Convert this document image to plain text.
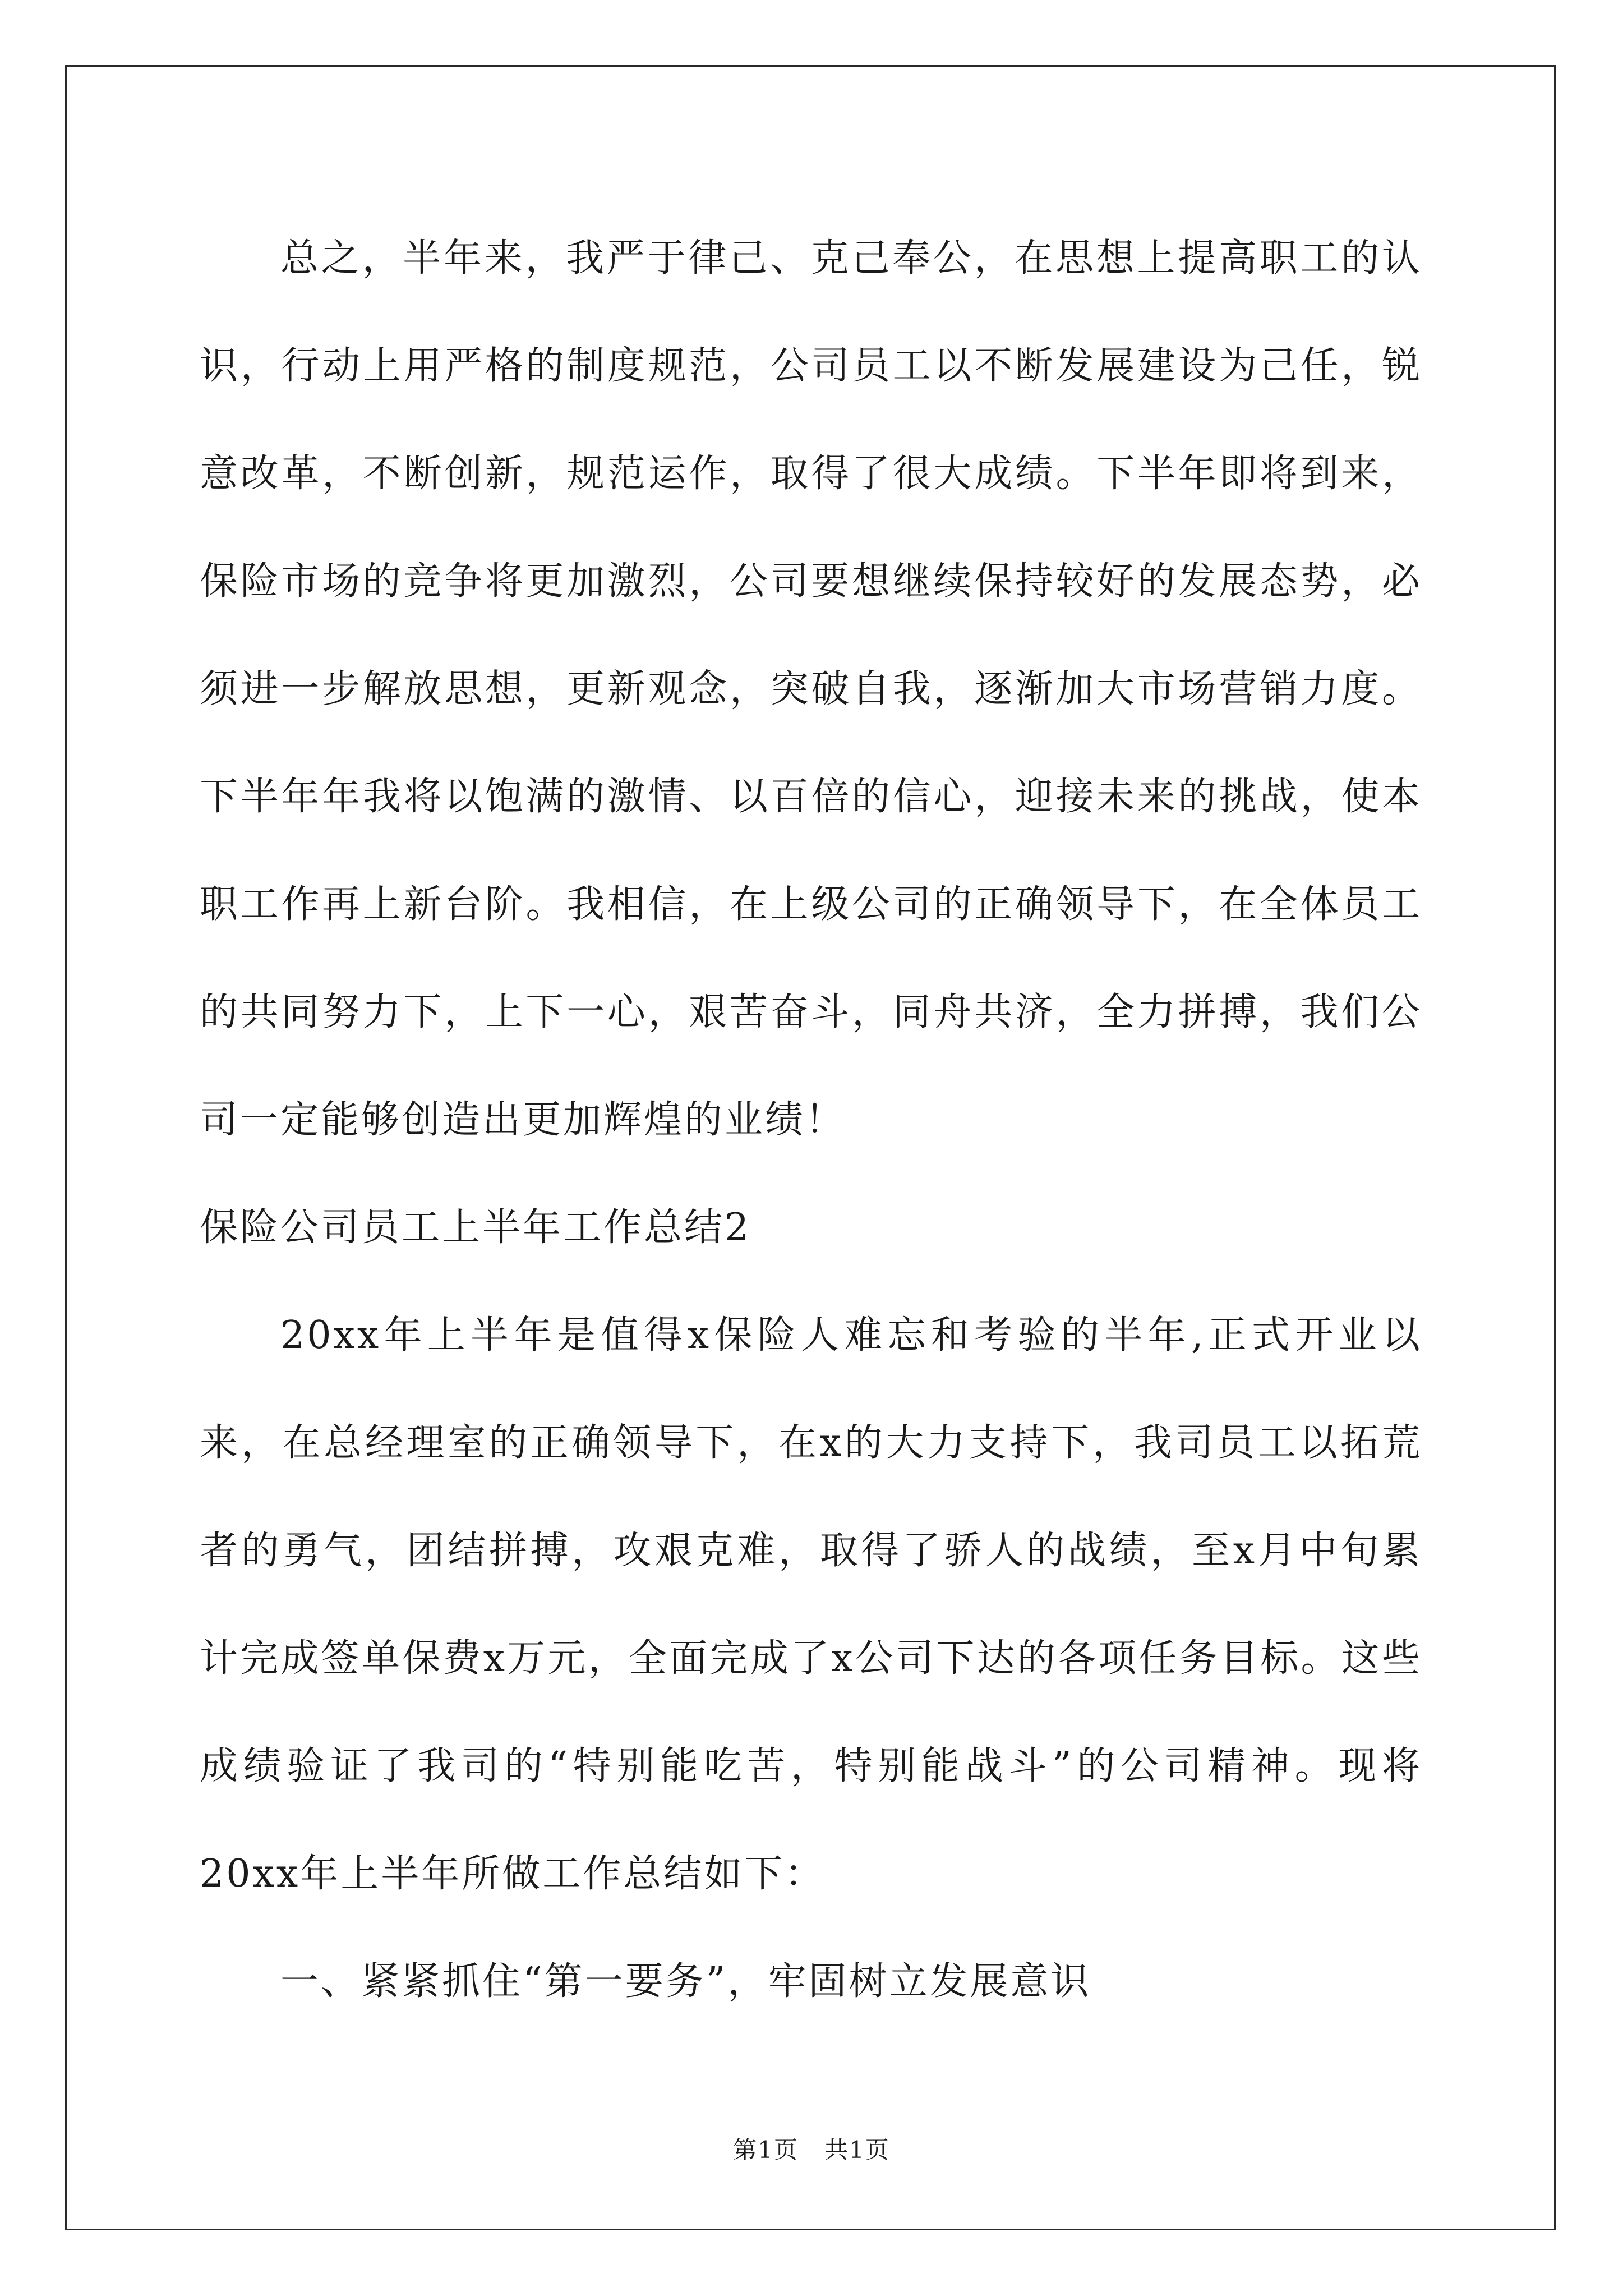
总之，半年来，我严于律己、克己奉公，在思想上提高职工的认识，行动上用严格的制度规范，公司员工以不断发展建设为己任，锐意改革，不断创新，规范运作，取得了很大成绩。下半年即将到来，保险市场的竞争将更加激烈，公司要想继续保持较好的发展态势，必须进一步解放思想，更新观念，突破自我，逐渐加大市场营销力度。下半年年我将以饱满的激情、以百倍的信心，迎接未来的挑战，使本职工作再上新台阶。我相信，在上级公司的正确领导下，在全体员工的共同努力下，上下一心，艰苦奋斗，同舟共济，全力拼搏，我们公司一定能够创造出更加辉煌的业绩！

保险公司员工上半年工作总结2

20xx年上半年是值得x保险人难忘和考验的半年,正式开业以来，在总经理室的正确领导下，在x的大力支持下，我司员工以拓荒者的勇气，团结拼搏，攻艰克难，取得了骄人的战绩，至x月中旬累计完成签单保费x万元，全面完成了x公司下达的各项任务目标。这些成绩验证了我司的“特别能吃苦，特别能战斗”的公司精神。现将20xx年上半年所做工作总结如下：

一、紧紧抓住“第一要务”，牢固树立发展意识

第1页 共1页
